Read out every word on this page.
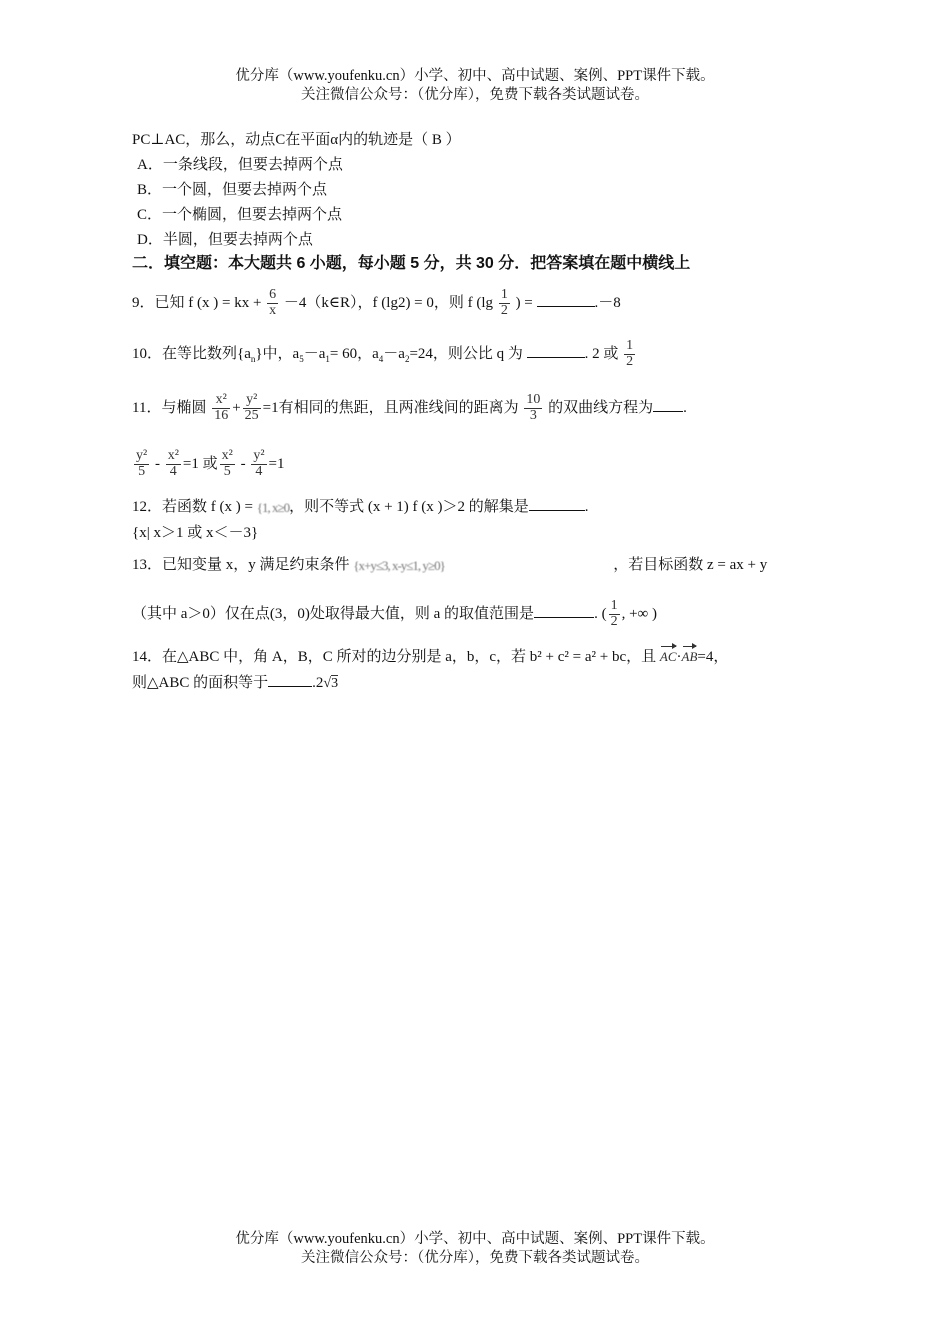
优分库（www.youfenku.cn）小学、初中、高中试题、案例、PPT课件下载。
关注微信公众号：（优分库），免费下载各类试题试卷。
PC⊥AC，那么，动点C在平面α内的轨迹是（ B ）
A．一条线段，但要去掉两个点
B．一个圆，但要去掉两个点
C．一个椭圆，但要去掉两个点
D．半圆，但要去掉两个点
二．填空题：本大题共 6 小题，每小题 5 分，共 30 分．把答案填在题中横线上
9．已知 f (x ) = kx + $\frac{6}{x}$ －4（k∈R），f (lg2) = 0，则 f ($\lg \frac{1}{2}$ ) =	.－8
10．在等比数列$\{a_n\}$中，$a_5-a_1= 60$，$a_4-a_2=24$，则公比 q 为	. 2 或 $\frac{1}{2}$
11．与椭圆 $\frac{\text{x²}}{16} + \frac{\text{y²}}{25} =1$有相同的焦距，且两准线间的距离为 $\frac{10}{3}$ 的双曲线方程为 .
$\frac{\text{y²}}{5} - \frac{\text{x²}}{4} =1$ 或 $\frac{\text{x²}}{5} - \frac{\text{y²}}{4} =1$
12．若函数 f (x ) = {1, x≥0，则不等式 (x + 1) f (x )＞2 的解集是	.
{x| x＞1 或 x＜－3}
13．已知变量 x，y 满足约束条件 {x+y≤3, x-y≤1, y≥0}	，若目标函数 z = ax + y
（其中 a＞0）仅在点(3，0)处取得最大值，则 a 的取值范围是	. ( $\frac{1}{2}$ , +∞ )
14．在△ABC 中，角 A，B，C 所对的边分别是 a，b，c，若 b² + c² = a² + bc，且 AC·AB=4，
则△ABC 的面积等于	.2√3
优分库（www.youfenku.cn）小学、初中、高中试题、案例、PPT课件下载。
关注微信公众号：（优分库），免费下载各类试题试卷。
